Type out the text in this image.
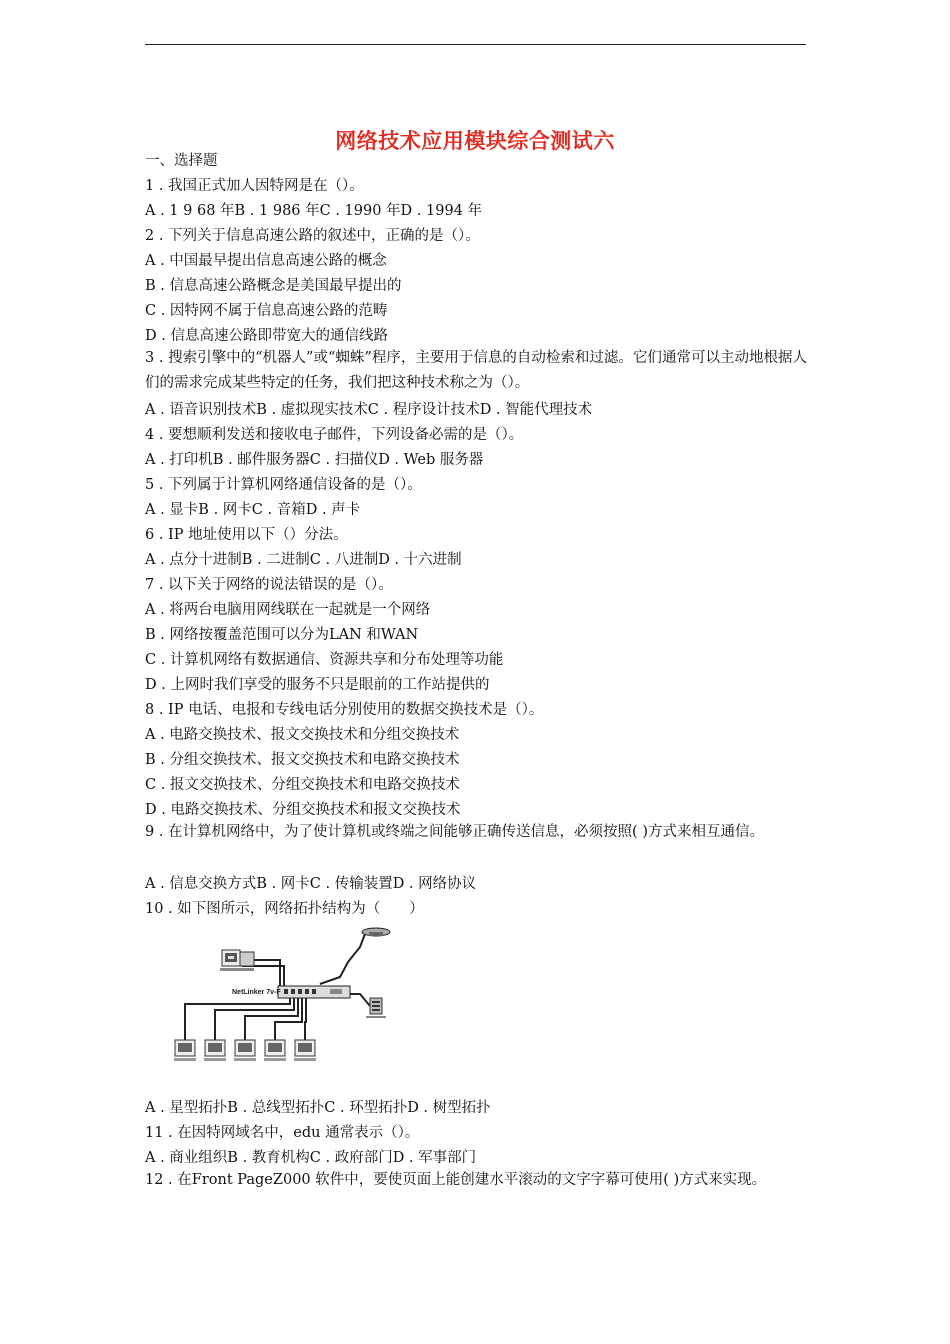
网络技术应用模块综合测试六
一、选择题
1 . 我国正式加人因特网是在（）。
A . 1 9 68 年B . 1 986 年C . 1990 年D . 1994 年
2 . 下列关于信息高速公路的叙述中，正确的是（）。
A . 中国最早提出信息高速公路的概念
B . 信息高速公路概念是美国最早提出的
C . 因特网不属于信息高速公路的范畴
D . 信息高速公路即带宽大的通信线路
3 . 搜索引擎中的“机器人”或“蜘蛛”程序，主要用于信息的自动检索和过滤。它们通常可以主动地根据人们的需求完成某些特定的任务，我们把这种技术称之为（）。
A . 语音识别技术B . 虚拟现实技术C . 程序设计技术D . 智能代理技术
4 . 要想顺利发送和接收电子邮件，下列设备必需的是（）。
A . 打印机B . 邮件服务器C . 扫描仪D . Web 服务器
5 . 下列属于计算机网络通信设备的是（）。
A . 显卡B . 网卡C . 音箱D . 声卡
6 . IP 地址使用以下（）分法。
A . 点分十进制B . 二进制C . 八进制D . 十六进制
7 . 以下关于网络的说法错误的是（）。
A . 将两台电脑用网线联在一起就是一个网络
B . 网络按覆盖范围可以分为LAN 和WAN
C . 计算机网络有数据通信、资源共享和分布处理等功能
D . 上网时我们享受的服务不只是眼前的工作站提供的
8 . IP 电话、电报和专线电话分别使用的数据交换技术是（）。
A . 电路交换技术、报文交换技术和分组交换技术
B . 分组交换技术、报文交换技术和电路交换技术
C . 报文交换技术、分组交换技术和电路交换技术
D . 电路交换技术、分组交换技术和报文交换技术
9 . 在计算机网络中，为了使计算机或终端之间能够正确传送信息，必须按照( )方式来相互通信。
A . 信息交换方式B . 网卡C . 传输装置D . 网络协议
10 . 如下图所示，网络拓扑结构为（　　）
NetLinker 7v-F
A . 星型拓扑B . 总线型拓扑C . 环型拓扑D . 树型拓扑
11 . 在因特网域名中，edu 通常表示（）。
A . 商业组织B . 教育机构C . 政府部门D . 军事部门
12 . 在Front PageZ000 软件中，要使页面上能创建水平滚动的文字字幕可使用( )方式来实现。
